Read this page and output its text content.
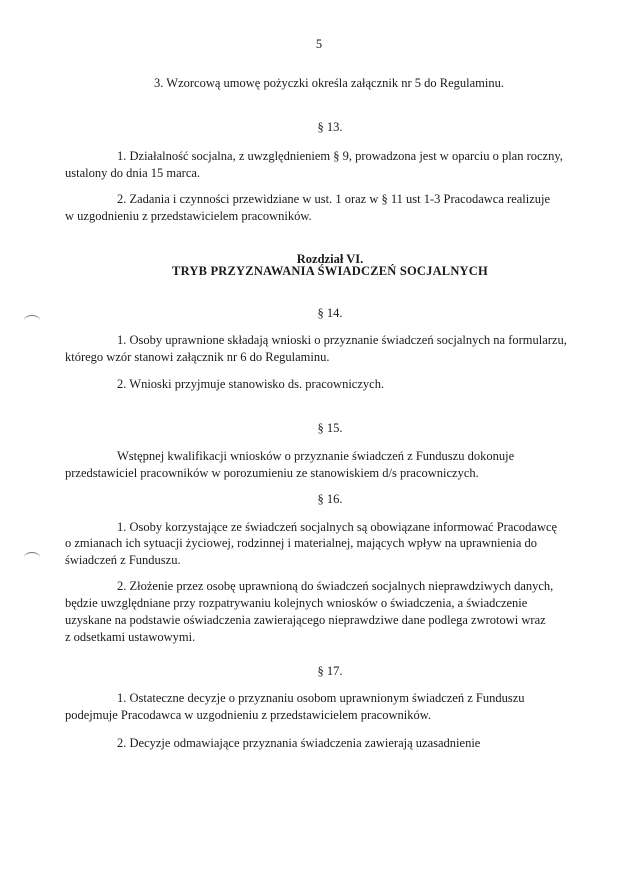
5
3. Wzorcową umowę pożyczki określa załącznik nr 5 do Regulaminu.
§ 13.
1. Działalność socjalna, z uwzględnieniem § 9, prowadzona jest w oparciu o plan roczny,
ustalony do dnia 15 marca.
2. Zadania i czynności przewidziane w ust. 1 oraz w § 11 ust 1-3 Pracodawca realizuje
w uzgodnieniu z przedstawicielem pracowników.
Rozdział VI.
TRYB PRZYZNAWANIA ŚWIADCZEŃ SOCJALNYCH
§ 14.
1. Osoby uprawnione składają wnioski o przyznanie świadczeń socjalnych na formularzu,
którego wzór stanowi załącznik nr 6 do Regulaminu.
2. Wnioski przyjmuje stanowisko ds. pracowniczych.
§ 15.
Wstępnej kwalifikacji wniosków o przyznanie świadczeń z Funduszu dokonuje
przedstawiciel pracowników w porozumieniu ze stanowiskiem d/s pracowniczych.
§ 16.
1. Osoby korzystające ze świadczeń socjalnych są obowiązane informować Pracodawcę
o zmianach ich sytuacji życiowej, rodzinnej i materialnej, mających wpływ na uprawnienia do
świadczeń z Funduszu.
2. Złożenie przez osobę uprawnioną do świadczeń socjalnych nieprawdziwych danych,
będzie uwzględniane przy rozpatrywaniu kolejnych wniosków o świadczenia, a świadczenie
uzyskane na podstawie oświadczenia zawierającego nieprawdziwe dane podlega zwrotowi wraz
z odsetkami ustawowymi.
§ 17.
1. Ostateczne decyzje o przyznaniu osobom uprawnionym świadczeń z Funduszu
podejmuje Pracodawca w uzgodnieniu z przedstawicielem pracowników.
2. Decyzje odmawiające przyznania świadczenia zawierają uzasadnienie
